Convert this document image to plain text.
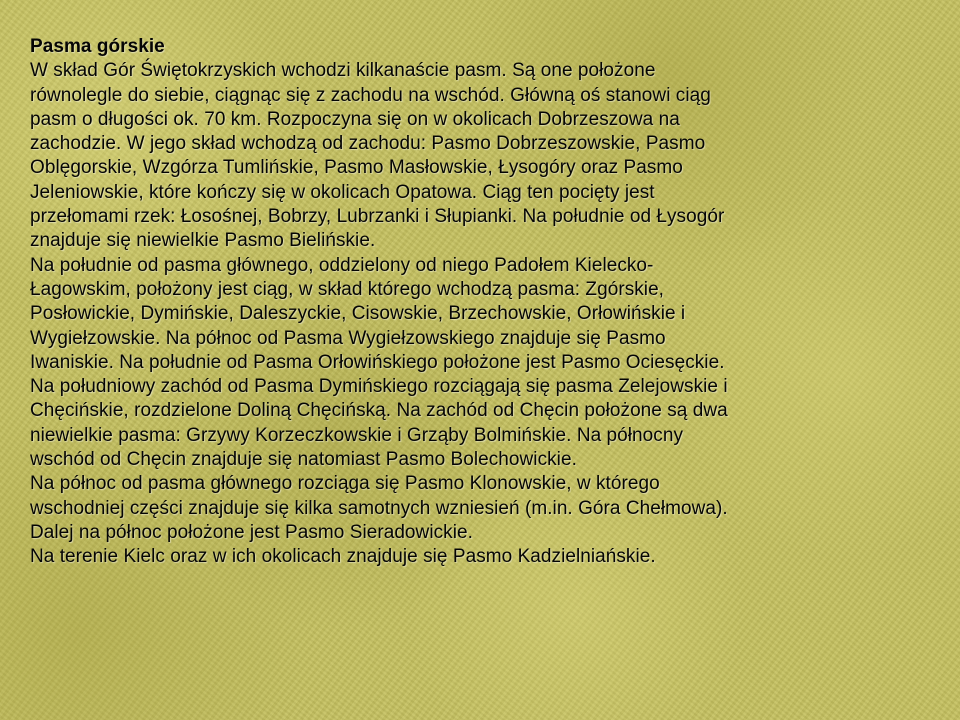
Pasma górskie
W skład Gór Świętokrzyskich wchodzi kilkanaście pasm. Są one położone
równolegle do siebie, ciągnąc się z zachodu na wschód. Główną oś stanowi ciąg
pasm o długości ok. 70 km. Rozpoczyna się on w okolicach Dobrzeszowa na
zachodzie. W jego skład wchodzą od zachodu: Pasmo Dobrzeszowskie, Pasmo
Oblęgorskie, Wzgórza Tumlińskie, Pasmo Masłowskie, Łysogóry oraz Pasmo
Jeleniowskie, które kończy się w okolicach Opatowa. Ciąg ten pocięty jest
przełomami rzek: Łosośnej, Bobrzy, Lubrzanki i Słupianki. Na południe od Łysogór
znajduje się niewielkie Pasmo Bielińskie.
Na południe od pasma głównego, oddzielony od niego Padołem Kielecko-
Łagowskim, położony jest ciąg, w skład którego wchodzą pasma: Zgórskie,
Posłowickie, Dymińskie, Daleszyckie, Cisowskie, Brzechowskie, Orłowińskie i
Wygiełzowskie. Na północ od Pasma Wygiełzowskiego znajduje się Pasmo
Iwaniskie. Na południe od Pasma Orłowińskiego położone jest Pasmo Ociesęckie.
Na południowy zachód od Pasma Dymińskiego rozciągają się pasma Zelejowskie i
Chęcińskie, rozdzielone Doliną Chęcińską. Na zachód od Chęcin położone są dwa
niewielkie pasma: Grzywy Korzeczkowskie i Grząby Bolmińskie. Na północny
wschód od Chęcin znajduje się natomiast Pasmo Bolechowickie.
Na północ od pasma głównego rozciąga się Pasmo Klonowskie, w którego
wschodniej części znajduje się kilka samotnych wzniesień (m.in. Góra Chełmowa).
Dalej na północ położone jest Pasmo Sieradowickie.
Na terenie Kielc oraz w ich okolicach znajduje się Pasmo Kadzielniańskie.
